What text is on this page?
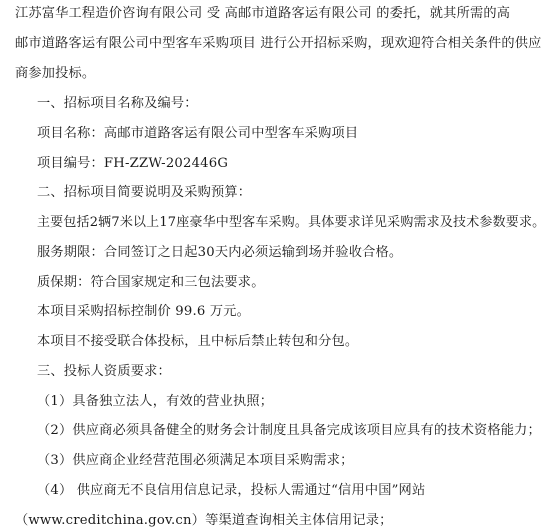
江苏富华工程造价咨询有限公司 受 高邮市道路客运有限公司 的委托，就其所需的高
邮市道路客运有限公司中型客车采购项目 进行公开招标采购，现欢迎符合相关条件的供应
商参加投标。
一、招标项目名称及编号：
项目名称：高邮市道路客运有限公司中型客车采购项目
项目编号：FH-ZZW-202446G
二、招标项目简要说明及采购预算：
主要包括2辆7米以上17座豪华中型客车采购。具体要求详见采购需求及技术参数要求。
服务期限：合同签订之日起30天内必须运输到场并验收合格。
质保期：符合国家规定和三包法要求。
本项目采购招标控制价 99.6 万元。
本项目不接受联合体投标，且中标后禁止转包和分包。
三、投标人资质要求：
（1）具备独立法人，有效的营业执照；
（2）供应商必须具备健全的财务会计制度且具备完成该项目应具有的技术资格能力；
（3）供应商企业经营范围必须满足本项目采购需求；
（4） 供应商无不良信用信息记录，投标人需通过“信用中国”网站
（www.creditchina.gov.cn）等渠道查询相关主体信用记录；
